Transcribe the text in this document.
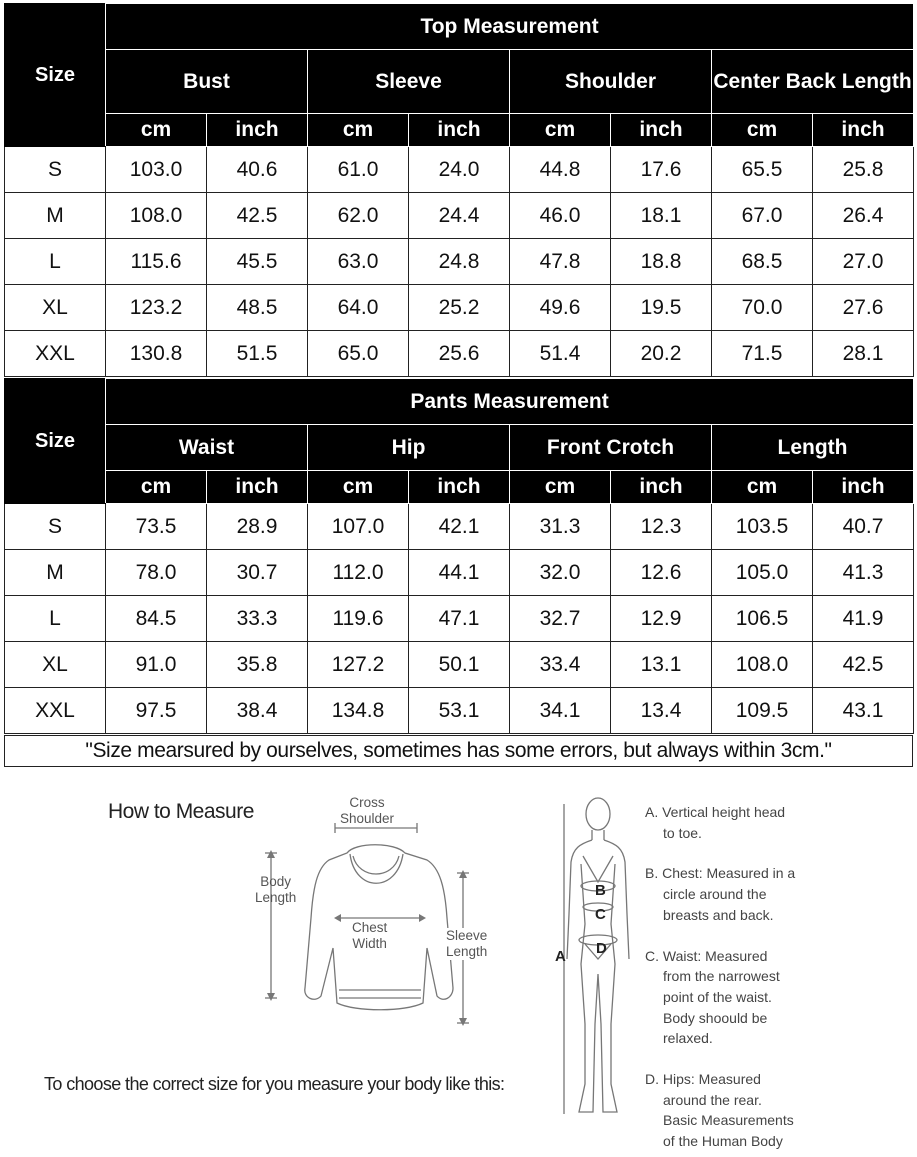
Size	Top Measurement							
	Bust		Sleeve		Shoulder		Center Back Length	
	cm	inch	cm	inch	cm	inch	cm	inch
S	103.0	40.6	61.0	24.0	44.8	17.6	65.5	25.8
M	108.0	42.5	62.0	24.4	46.0	18.1	67.0	26.4
L	115.6	45.5	63.0	24.8	47.8	18.8	68.5	27.0
XL	123.2	48.5	64.0	25.2	49.6	19.5	70.0	27.6
XXL	130.8	51.5	65.0	25.6	51.4	20.2	71.5	28.1
Size	Pants Measurement							
	Waist		Hip		Front Crotch		Length	
	cm	inch	cm	inch	cm	inch	cm	inch
S	73.5	28.9	107.0	42.1	31.3	12.3	103.5	40.7
M	78.0	30.7	112.0	44.1	32.0	12.6	105.0	41.3
L	84.5	33.3	119.6	47.1	32.7	12.9	106.5	41.9
XL	91.0	35.8	127.2	50.1	33.4	13.1	108.0	42.5
XXL	97.5	38.4	134.8	53.1	34.1	13.4	109.5	43.1
"Size mearsured by ourselves, sometimes has some errors, but always within 3cm."
How to Measure	Cross
Shoulder
Body
Length
Chest
Width
Sleeve
Length	A
B
C
D
A. Vertical height head
to toe.
B. Chest: Measured in a
circle around the
breasts and back.
C. Waist: Measured
from the narrowest
point of the waist.
Body shoould be
relaxed.
D. Hips: Measured
around the rear.
Basic Measurements
of the Human Body
To choose the correct size for you measure your body like this:
